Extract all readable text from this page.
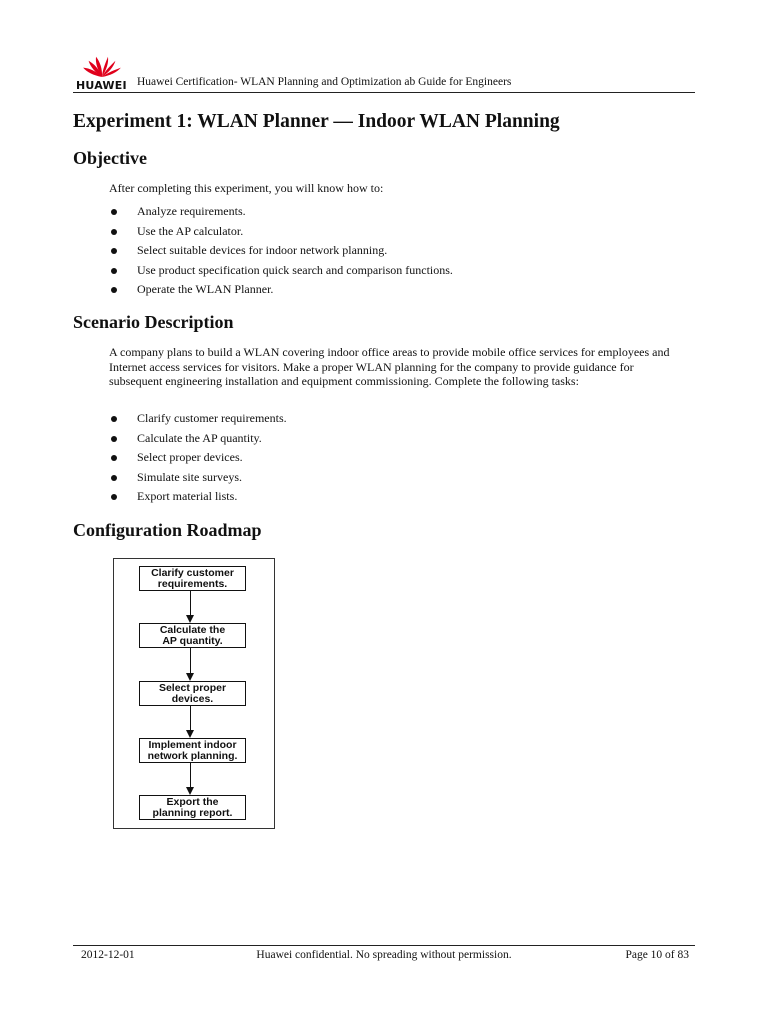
HUAWEI Huawei Certification- WLAN Planning and Optimization ab Guide for Engineers
Experiment 1: WLAN Planner — Indoor WLAN Planning
Objective
After completing this experiment, you will know how to:
Analyze requirements.
Use the AP calculator.
Select suitable devices for indoor network planning.
Use product specification quick search and comparison functions.
Operate the WLAN Planner.
Scenario Description
A company plans to build a WLAN covering indoor office areas to provide mobile office services for employees and Internet access services for visitors. Make a proper WLAN planning for the company to provide guidance for subsequent engineering installation and equipment commissioning. Complete the following tasks:
Clarify customer requirements.
Calculate the AP quantity.
Select proper devices.
Simulate site surveys.
Export material lists.
Configuration Roadmap
Clarify customer
requirements.
Calculate the
AP quantity.
Select proper
devices.
Implement indoor
network planning.
Export the
planning report.
2012-12-01	Huawei confidential. No spreading without permission.	Page 10 of 83
